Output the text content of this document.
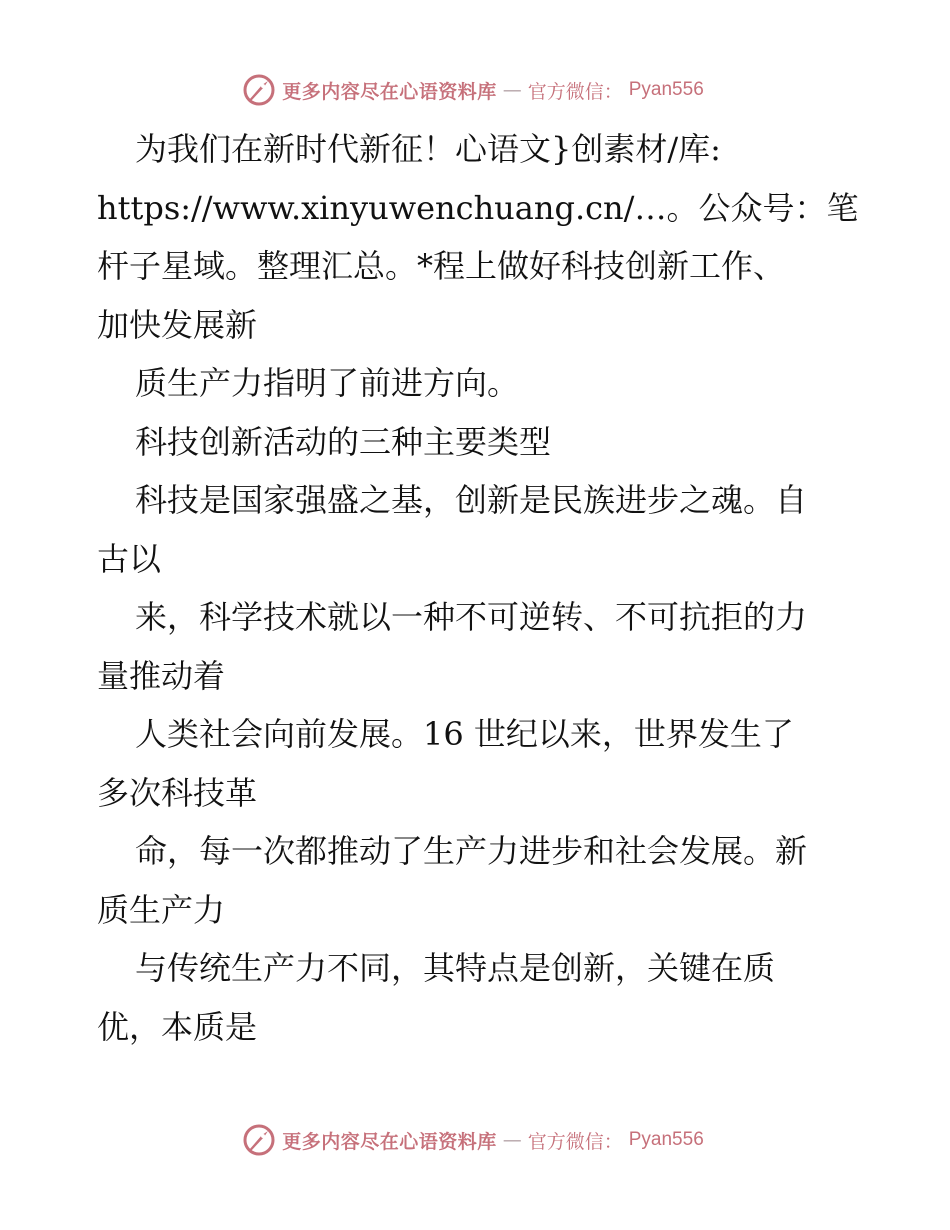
更多内容尽在心语资料库 — 官方微信： Pyan556
为我们在新时代新征！心语文}创素材/库:
https://www.xinyuwenchuang.cn/…。公众号：笔
杆子星域。整理汇总。*程上做好科技创新工作、
加快发展新
质生产力指明了前进方向。
科技创新活动的三种主要类型
科技是国家强盛之基，创新是民族进步之魂。自
古以
来，科学技术就以一种不可逆转、不可抗拒的力
量推动着
人类社会向前发展。16 世纪以来，世界发生了
多次科技革
命，每一次都推动了生产力进步和社会发展。新
质生产力
与传统生产力不同，其特点是创新，关键在质
优，本质是
更多内容尽在心语资料库 — 官方微信： Pyan556
